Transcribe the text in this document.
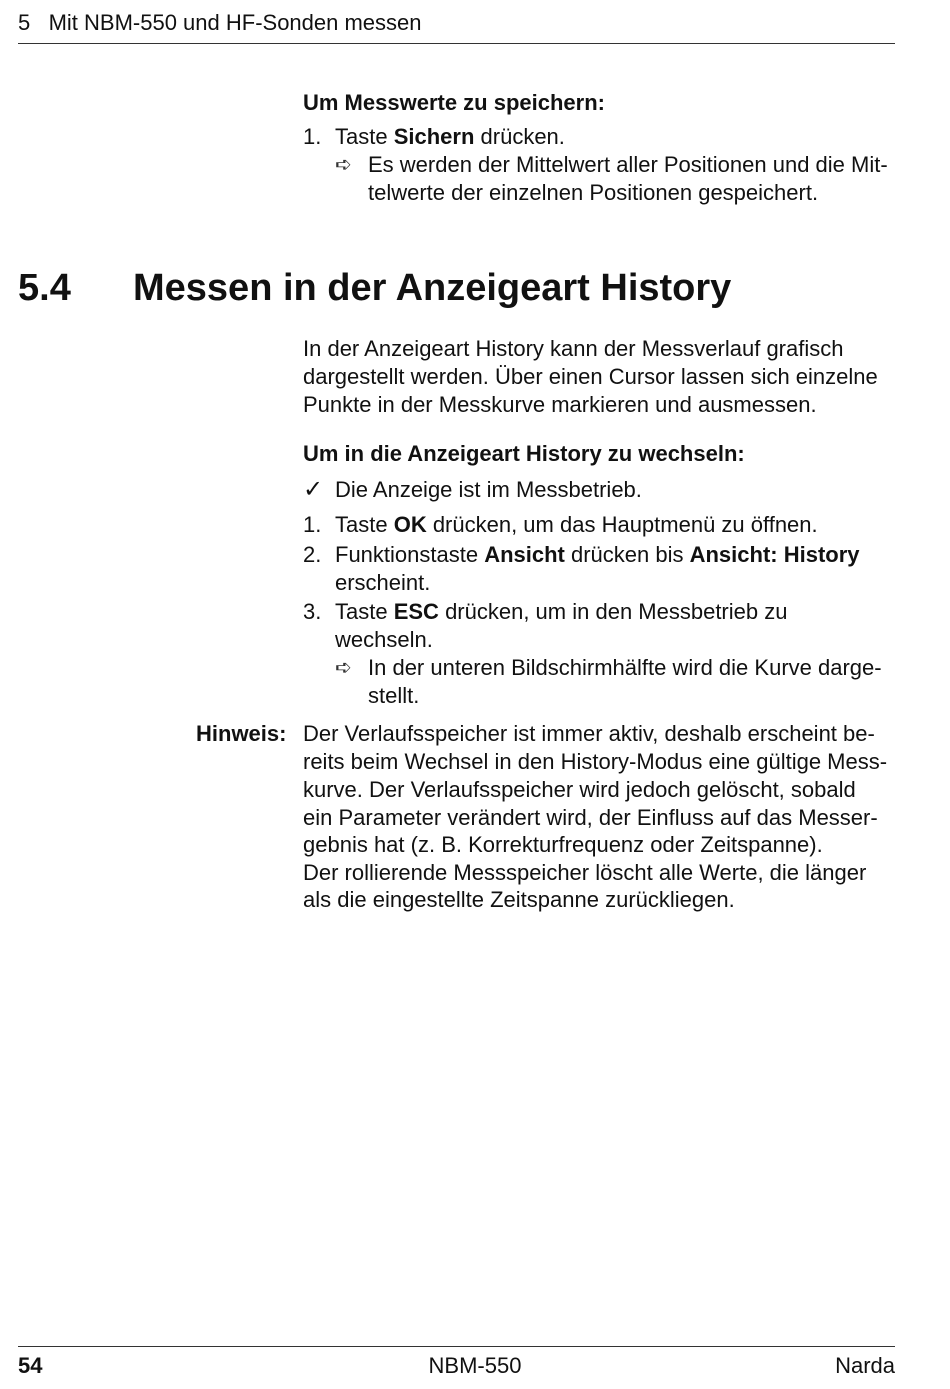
5   Mit NBM-550 und HF-Sonden messen
Um Messwerte zu speichern:
1. Taste Sichern drücken.
➪ Es werden der Mittelwert aller Positionen und die Mit-
telwerte der einzelnen Positionen gespeichert.
5.4 Messen in der Anzeigeart History
In der Anzeigeart History kann der Messverlauf grafisch
dargestellt werden. Über einen Cursor lassen sich einzelne
Punkte in der Messkurve markieren und ausmessen.
Um in die Anzeigeart History zu wechseln:
✓ Die Anzeige ist im Messbetrieb.
1. Taste OK drücken, um das Hauptmenü zu öffnen.
2. Funktionstaste Ansicht drücken bis Ansicht: History
erscheint.
3. Taste ESC drücken, um in den Messbetrieb zu
wechseln.
➪ In der unteren Bildschirmhälfte wird die Kurve darge-
stellt.
Hinweis: Der Verlaufsspeicher ist immer aktiv, deshalb erscheint be-
reits beim Wechsel in den History-Modus eine gültige Mess-
kurve. Der Verlaufsspeicher wird jedoch gelöscht, sobald
ein Parameter verändert wird, der Einfluss auf das Messer-
gebnis hat (z. B. Korrekturfrequenz oder Zeitspanne).
Der rollierende Messspeicher löscht alle Werte, die länger
als die eingestellte Zeitspanne zurückliegen.
54	NBM-550	Narda
